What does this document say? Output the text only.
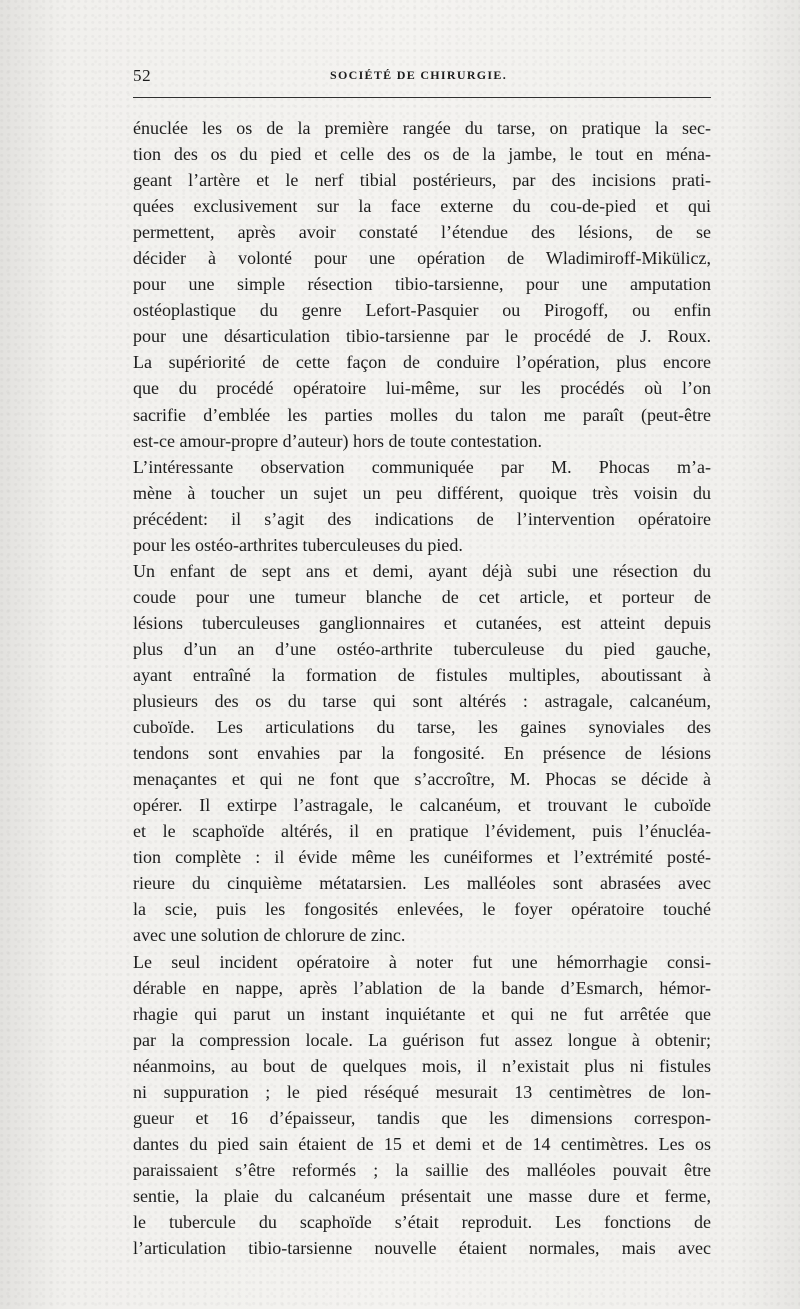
52	SOCIÉTÉ DE CHIRURGIE.
énuclée les os de la première rangée du tarse, on pratique la sec-
tion des os du pied et celle des os de la jambe, le tout en ména-
geant l’artère et le nerf tibial postérieurs, par des incisions prati-
quées exclusivement sur la face externe du cou-de-pied et qui
permettent, après avoir constaté l’étendue des lésions, de se
décider à volonté pour une opération de Wladimiroff-Mikülicz,
pour une simple résection tibio-tarsienne, pour une amputation
ostéoplastique du genre Lefort-Pasquier ou Pirogoff, ou enfin
pour une désarticulation tibio-tarsienne par le procédé de J. Roux.
La supériorité de cette façon de conduire l’opération, plus encore
que du procédé opératoire lui-même, sur les procédés où l’on
sacrifie d’emblée les parties molles du talon me paraît (peut-être
est-ce amour-propre d’auteur) hors de toute contestation.
L’intéressante observation communiquée par M. Phocas m’a-
mène à toucher un sujet un peu différent, quoique très voisin du
précédent: il s’agit des indications de l’intervention opératoire
pour les ostéo-arthrites tuberculeuses du pied.
Un enfant de sept ans et demi, ayant déjà subi une résection du
coude pour une tumeur blanche de cet article, et porteur de
lésions tuberculeuses ganglionnaires et cutanées, est atteint depuis
plus d’un an d’une ostéo-arthrite tuberculeuse du pied gauche,
ayant entraîné la formation de fistules multiples, aboutissant à
plusieurs des os du tarse qui sont altérés : astragale, calcanéum,
cuboïde. Les articulations du tarse, les gaines synoviales des
tendons sont envahies par la fongosité. En présence de lésions
menaçantes et qui ne font que s’accroître, M. Phocas se décide à
opérer. Il extirpe l’astragale, le calcanéum, et trouvant le cuboïde
et le scaphoïde altérés, il en pratique l’évidement, puis l’énucléa-
tion complète : il évide même les cunéiformes et l’extrémité posté-
rieure du cinquième métatarsien. Les malléoles sont abrasées avec
la scie, puis les fongosités enlevées, le foyer opératoire touché
avec une solution de chlorure de zinc.
Le seul incident opératoire à noter fut une hémorrhagie consi-
dérable en nappe, après l’ablation de la bande d’Esmarch, hémor-
rhagie qui parut un instant inquiétante et qui ne fut arrêtée que
par la compression locale. La guérison fut assez longue à obtenir;
néanmoins, au bout de quelques mois, il n’existait plus ni fistules
ni suppuration ; le pied réséqué mesurait 13 centimètres de lon-
gueur et 16 d’épaisseur, tandis que les dimensions correspon-
dantes du pied sain étaient de 15 et demi et de 14 centimètres. Les os
paraissaient s’être reformés ; la saillie des malléoles pouvait être
sentie, la plaie du calcanéum présentait une masse dure et ferme,
le tubercule du scaphoïde s’était reproduit. Les fonctions de
l’articulation tibio-tarsienne nouvelle étaient normales, mais avec
